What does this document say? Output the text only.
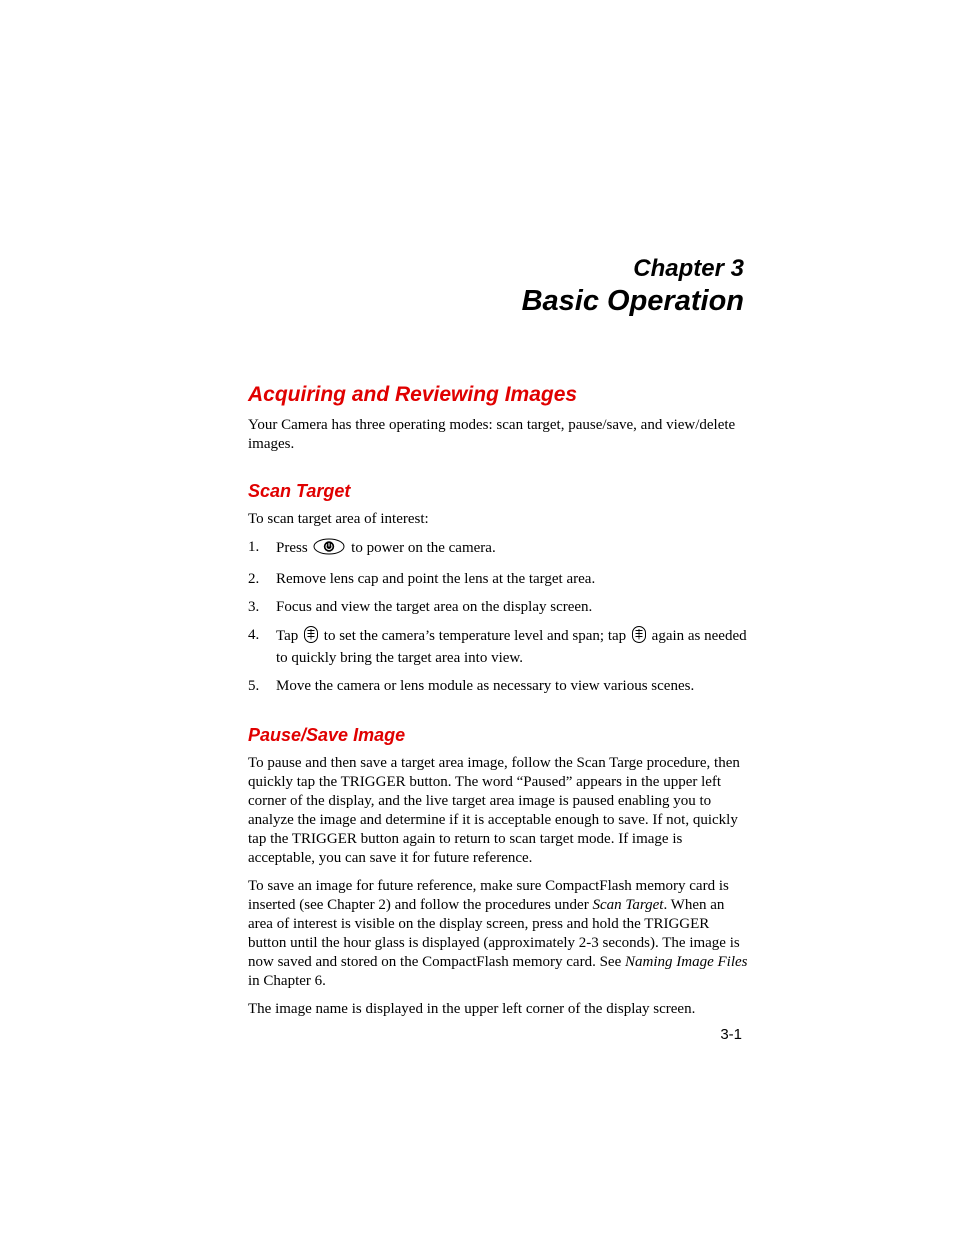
Chapter 3
Basic Operation
Acquiring and Reviewing Images

Your Camera has three operating modes: scan target, pause/save, and view/delete images.

Scan Target

To scan target area of interest:

1. Press	to power on the camera.
2. Remove lens cap and point the lens at the target area.
3. Focus and view the target area on the display screen.
4. Tap to set the camera’s temperature level and span; tap again as needed to quickly bring the target area into view.
5. Move the camera or lens module as necessary to view various scenes.
Pause/Save Image

To pause and then save a target area image, follow the Scan Targe procedure, then quickly tap the TRIGGER button. The word “Paused” appears in the upper left corner of the display, and the live target area image is paused enabling you to analyze the image and determine if it is acceptable enough to save. If not, quickly tap the TRIGGER button again to return to scan target mode. If image is acceptable, you can save it for future reference.

To save an image for future reference, make sure CompactFlash memory card is inserted (see Chapter 2) and follow the procedures under Scan Target. When an area of interest is visible on the display screen, press and hold the TRIGGER button until the hour glass is displayed (approximately 2-3 seconds). The image is now saved and stored on the CompactFlash memory card. See Naming Image Files in Chapter 6.

The image name is displayed in the upper left corner of the display screen.

3-1
